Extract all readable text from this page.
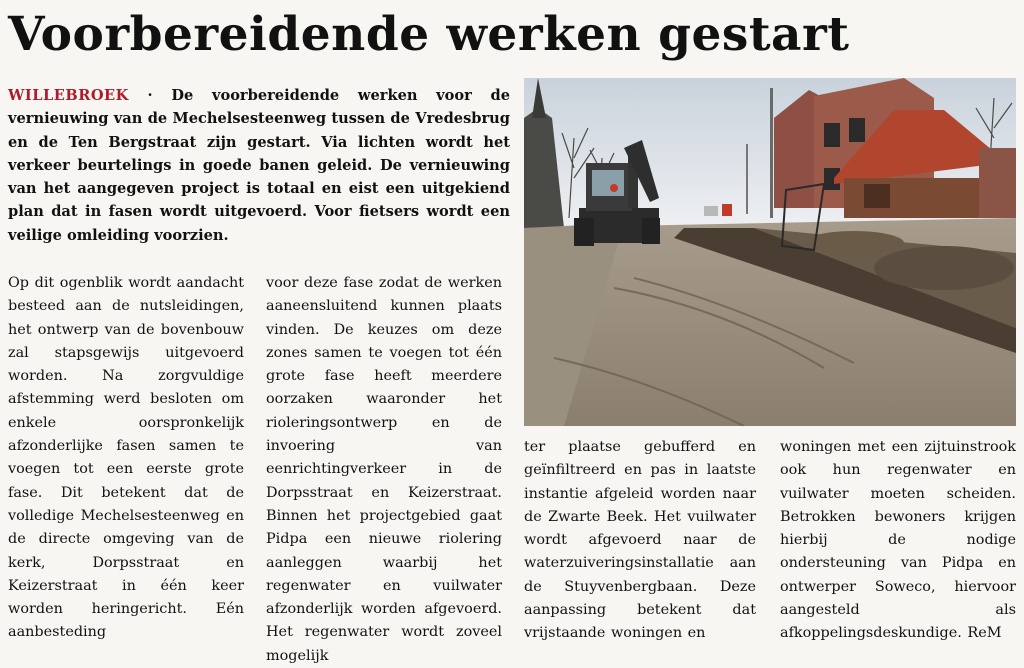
Voorbereidende werken gestart
WILLEBROEK · De voorbereidende werken voor de vernieuwing van de Mechelsesteenweg tussen de Vredesbrug en de Ten Bergstraat zijn gestart. Via lichten wordt het verkeer beurtelings in goede banen geleid. De vernieuwing van het aangegeven project is totaal en eist een uitgekiend plan dat in fasen wordt uitgevoerd. Voor fietsers wordt een veilige omleiding voorzien.
Op dit ogenblik wordt aandacht besteed aan de nutsleidingen, het ontwerp van de bovenbouw zal stapsgewijs uitgevoerd worden. Na zorgvuldige afstemming werd besloten om enkele oorspronkelijk afzonderlijke fasen samen te voegen tot een eerste grote fase. Dit betekent dat de volledige Mechelsesteenweg en de directe omgeving van de kerk, Dorpsstraat en Keizerstraat in één keer worden heringericht. Eén aanbesteding
voor deze fase zodat de werken aaneensluitend kunnen plaats vinden. De keuzes om deze zones samen te voegen tot één grote fase heeft meerdere oorzaken waaronder het rioleringsontwerp en de invoering van eenrichtingverkeer in de Dorpsstraat en Keizerstraat. Binnen het projectgebied gaat Pidpa een nieuwe riolering aanleggen waarbij het regenwater en vuilwater afzonderlijk worden afgevoerd. Het regenwater wordt zoveel mogelijk
ter plaatse gebufferd en geïnfiltreerd en pas in laatste instantie afgeleid worden naar de Zwarte Beek. Het vuilwater wordt afgevoerd naar de waterzuiveringsinstallatie aan de Stuyvenbergbaan. Deze aanpassing betekent dat vrijstaande woningen en
woningen met een zijtuinstrook ook hun regenwater en vuilwater moeten scheiden. Betrokken bewoners krijgen hierbij de nodige ondersteuning van Pidpa en ontwerper Soweco, hiervoor aangesteld als afkoppelingsdeskundige. ReM
